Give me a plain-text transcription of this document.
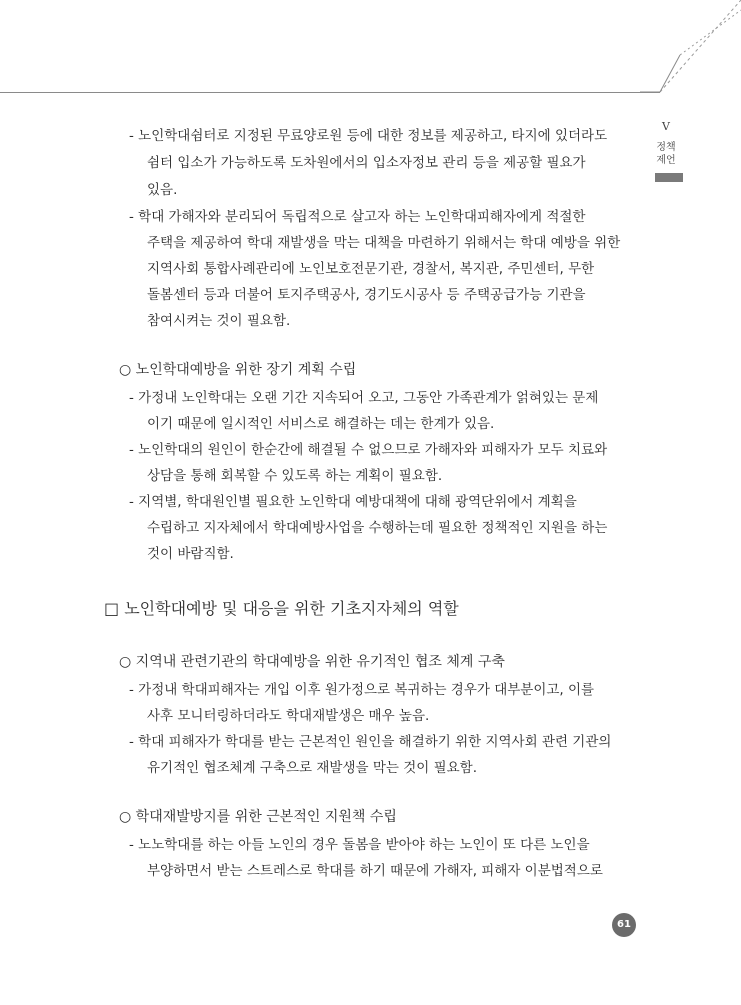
V
정책제언
- 노인학대쉼터로 지정된 무료양로원 등에 대한 정보를 제공하고, 타지에 있더라도
쉼터 입소가 가능하도록 도차원에서의 입소자정보 관리 등을 제공할 필요가
있음.
- 학대 가해자와 분리되어 독립적으로 살고자 하는 노인학대피해자에게 적절한
주택을 제공하여 학대 재발생을 막는 대책을 마련하기 위해서는 학대 예방을 위한
지역사회 통합사례관리에 노인보호전문기관, 경찰서, 복지관, 주민센터, 무한
돌봄센터 등과 더불어 토지주택공사, 경기도시공사 등 주택공급가능 기관을
참여시켜는 것이 필요함.
○ 노인학대예방을 위한 장기 계획 수립
- 가정내 노인학대는 오랜 기간 지속되어 오고, 그동안 가족관계가 얽혀있는 문제
이기 때문에 일시적인 서비스로 해결하는 데는 한계가 있음.
- 노인학대의 원인이 한순간에 해결될 수 없으므로 가해자와 피해자가 모두 치료와
상담을 통해 회복할 수 있도록 하는 계획이 필요함.
- 지역별, 학대원인별 필요한 노인학대 예방대책에 대해 광역단위에서 계획을
수립하고 지자체에서 학대예방사업을 수행하는데 필요한 정책적인 지원을 하는
것이 바람직함.
□ 노인학대예방 및 대응을 위한 기초지자체의 역할
○ 지역내 관련기관의 학대예방을 위한 유기적인 협조 체계 구축
- 가정내 학대피해자는 개입 이후 원가정으로 복귀하는 경우가 대부분이고, 이를
사후 모니터링하더라도 학대재발생은 매우 높음.
- 학대 피해자가 학대를 받는 근본적인 원인을 해결하기 위한 지역사회 관련 기관의
유기적인 협조체계 구축으로 재발생을 막는 것이 필요함.
○ 학대재발방지를 위한 근본적인 지원책 수립
- 노노학대를 하는 아들 노인의 경우 돌봄을 받아야 하는 노인이 또 다른 노인을
부양하면서 받는 스트레스로 학대를 하기 때문에 가해자, 피해자 이분법적으로
61
